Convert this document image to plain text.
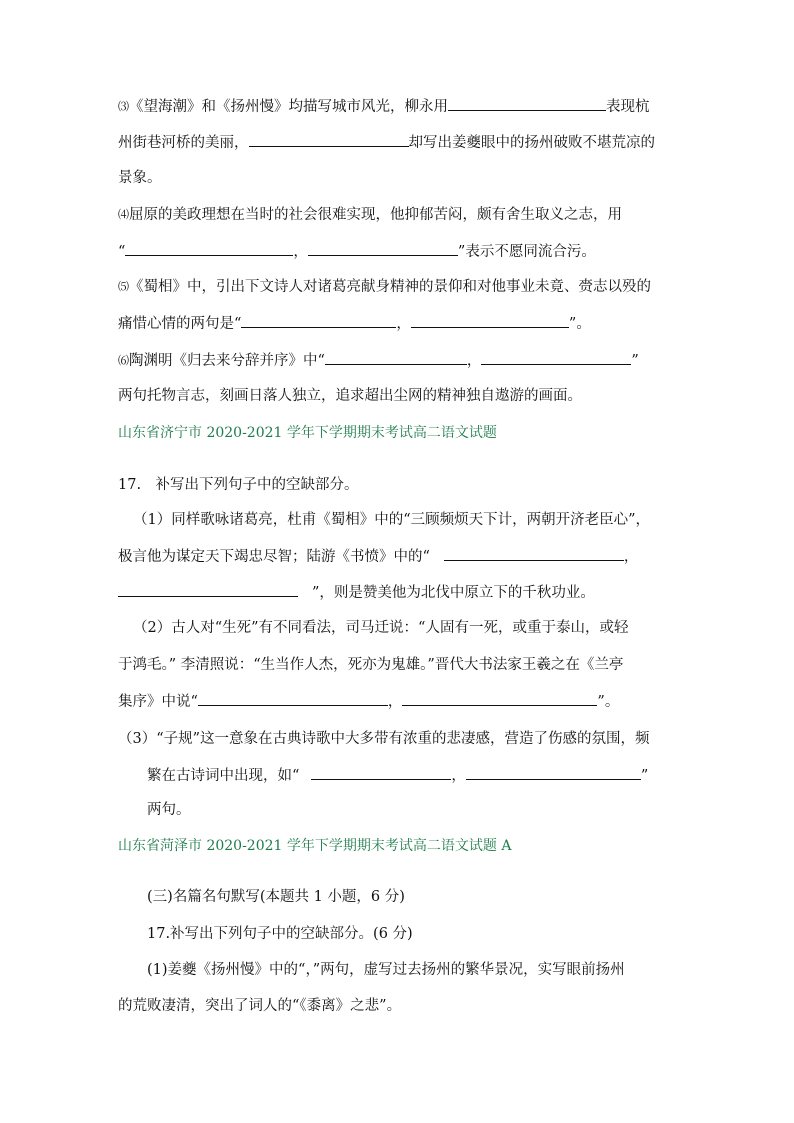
⑶《望海潮》和《扬州慢》均描写城市风光，柳永用	表现杭
州街巷河桥的美丽，	却写出姜夔眼中的扬州破败不堪荒凉的
景象。
⑷屈原的美政理想在当时的社会很难实现，他抑郁苦闷，颇有舍生取义之志，用
“	，	”表示不愿同流合污。
⑸《蜀相》中，引出下文诗人对诸葛亮献身精神的景仰和对他事业未竟、赍志以殁的
痛惜心情的两句是“	，	”。
⑹陶渊明《归去来兮辞并序》中“	，	”
两句托物言志，刻画日落人独立，追求超出尘网的精神独自遨游的画面。
山东省济宁市 2020-2021 学年下学期期末考试高二语文试题
17.　补写出下列句子中的空缺部分。
（1）同样歌咏诸葛亮，杜甫《蜀相》中的“三顾频烦天下计，两朝开济老臣心”，
极言他为谋定天下竭忠尽智；陆游《书愤》中的“	，
”，则是赞美他为北伐中原立下的千秋功业。
（2）古人对“生死”有不同看法，司马迁说：“人固有一死，或重于泰山，或轻
于鸿毛。” 李清照说：“生当作人杰，死亦为鬼雄。”晋代大书法家王羲之在《兰亭
集序》中说“	，	”。
（3）“子规”这一意象在古典诗歌中大多带有浓重的悲凄感，营造了伤感的氛围，频
繁在古诗词中出现，如“	，	”
两句。
山东省菏泽市 2020-2021 学年下学期期末考试高二语文试题 A
(三)名篇名句默写(本题共 1 小题，6 分)
17.补写出下列句子中的空缺部分。(6 分)
(1)姜夔《扬州慢》中的“，”两句，虚写过去扬州的繁华景况，实写眼前扬州
的荒败凄清，突出了词人的“《黍离》之悲”。
